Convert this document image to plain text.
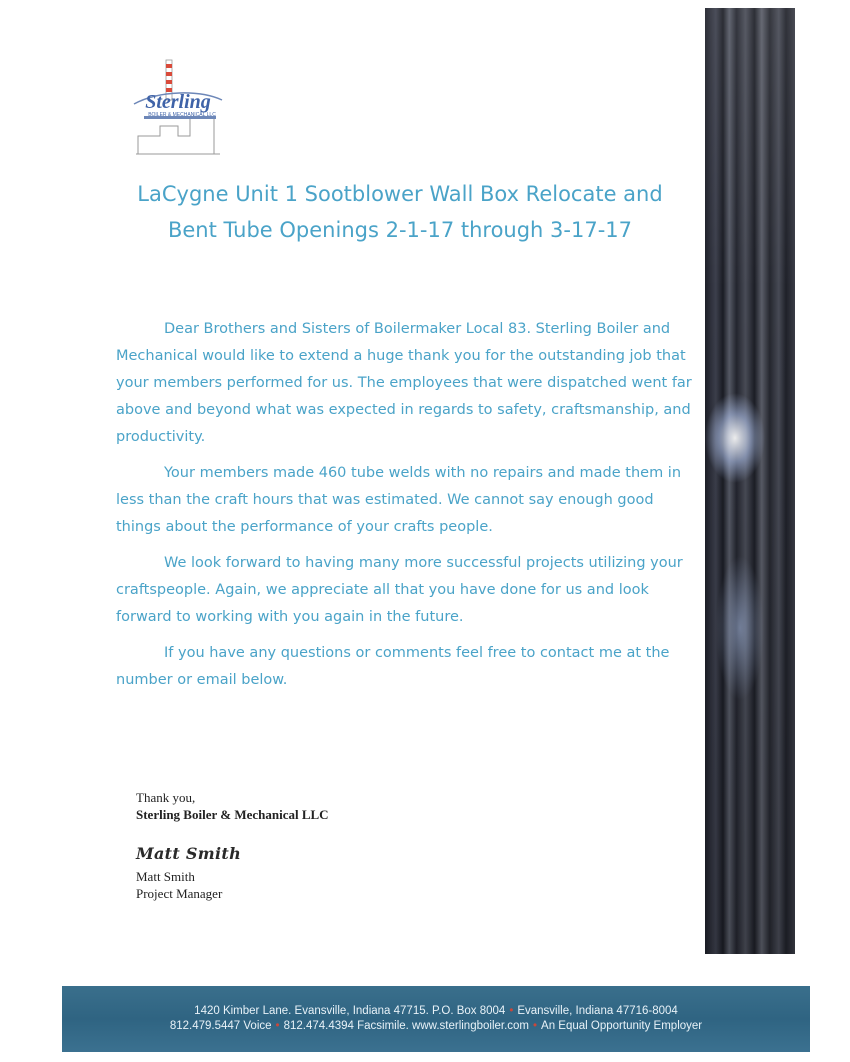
Sterling
BOILER & MECHANICAL LLC
LaCygne Unit 1 Sootblower Wall Box Relocate and
Bent Tube Openings 2-1-17 through 3-17-17

Dear Brothers and Sisters of Boilermaker Local 83. Sterling Boiler and Mechanical would like to extend a huge thank you for the outstanding job that your members performed for us. The employees that were dispatched went far above and beyond what was expected in regards to safety, craftsmanship, and productivity.

Your members made 460 tube welds with no repairs and made them in less than the craft hours that was estimated. We cannot say enough good things about the performance of your crafts people.

We look forward to having many more successful projects utilizing your craftspeople. Again, we appreciate all that you have done for us and look forward to working with you again in the future.

If you have any questions or comments feel free to contact me at the number or email below.

Thank you,
Sterling Boiler & Mechanical LLC
Matt Smith
Matt Smith
Project Manager
1420 Kimber Lane. Evansville, Indiana 47715. P.O. Box 8004 • Evansville, Indiana 47716-8004
812.479.5447 Voice • 812.474.4394 Facsimile. www.sterlingboiler.com • An Equal Opportunity Employer
